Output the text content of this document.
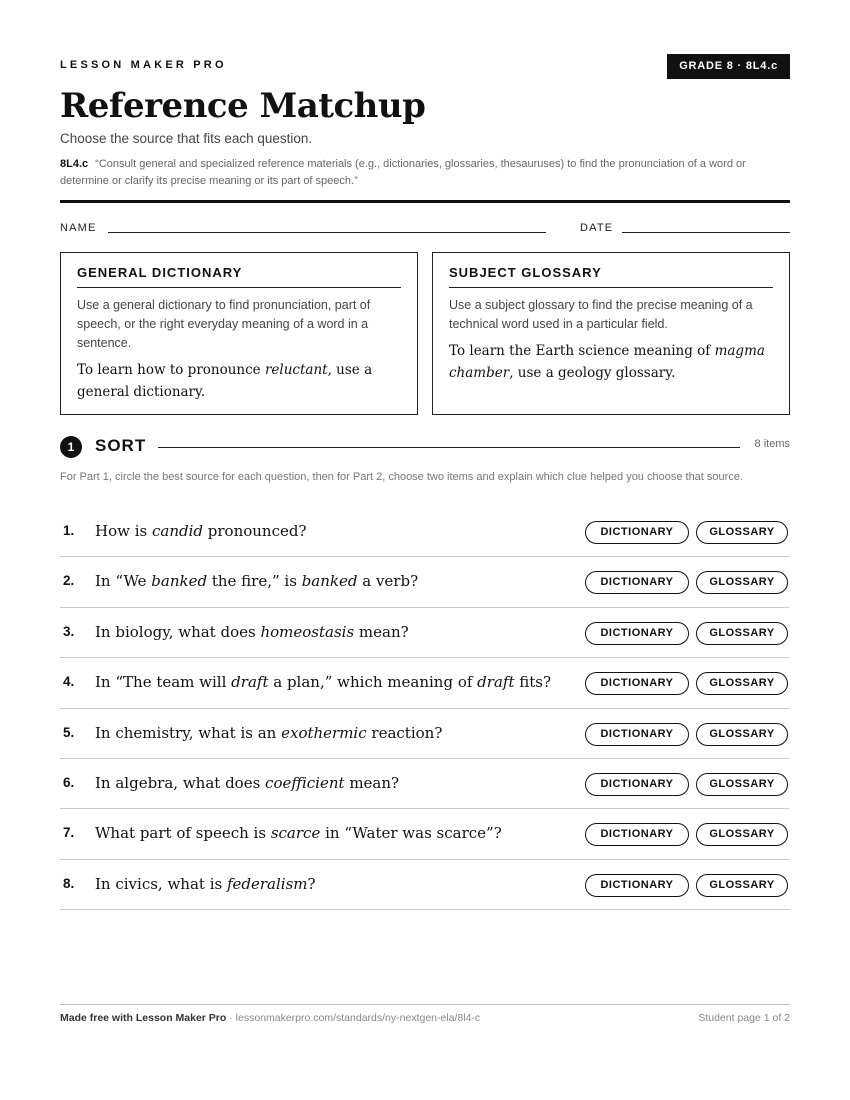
LESSON MAKER PRO	GRADE 8 · 8L4.c
Reference Matchup
Choose the source that fits each question.
8L4.c “Consult general and specialized reference materials (e.g., dictionaries, glossaries, thesauruses) to find the pronunciation of a word or determine or clarify its precise meaning or its part of speech.”
NAME	DATE
GENERAL DICTIONARY
Use a general dictionary to find pronunciation, part of speech, or the right everyday meaning of a word in a sentence.
To learn how to pronounce reluctant, use a general dictionary.
SUBJECT GLOSSARY
Use a subject glossary to find the precise meaning of a technical word used in a particular field.
To learn the Earth science meaning of magma chamber, use a geology glossary.
1	SORT	8 items
For Part 1, circle the best source for each question, then for Part 2, choose two items and explain which clue helped you choose that source.
1. How is candid pronounced?	DICTIONARY	GLOSSARY
2. In “We banked the fire,” is banked a verb?	DICTIONARY	GLOSSARY
3. In biology, what does homeostasis mean?	DICTIONARY	GLOSSARY
4. In “The team will draft a plan,” which meaning of draft fits?	DICTIONARY	GLOSSARY
5. In chemistry, what is an exothermic reaction?	DICTIONARY	GLOSSARY
6. In algebra, what does coefficient mean?	DICTIONARY	GLOSSARY
7. What part of speech is scarce in “Water was scarce”?	DICTIONARY	GLOSSARY
8. In civics, what is federalism?	DICTIONARY	GLOSSARY
Made free with Lesson Maker Pro · lessonmakerpro.com/standards/ny-nextgen-ela/8l4-c	Student page 1 of 2
